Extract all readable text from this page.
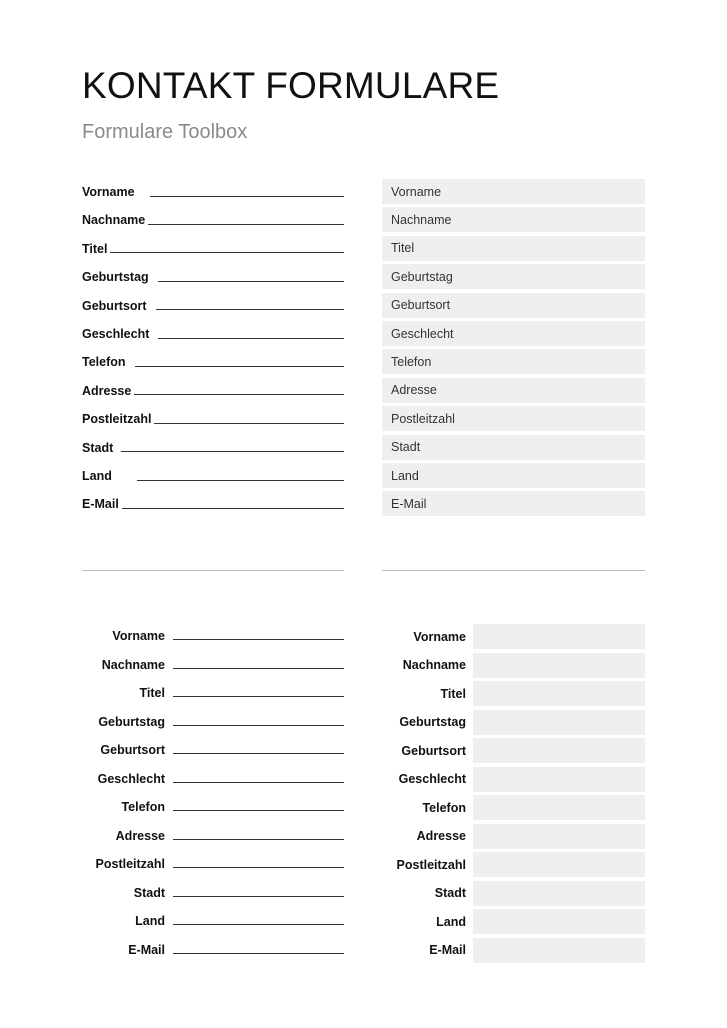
KONTAKT FORMULARE
Formulare Toolbox
Vorname
Nachname
Titel
Geburtstag
Geburtsort
Geschlecht
Telefon
Adresse
Postleitzahl
Stadt
Land
E-Mail
Vorname
Nachname
Titel
Geburtstag
Geburtsort
Geschlecht
Telefon
Adresse
Postleitzahl
Stadt
Land
E-Mail
Vorname
Nachname
Titel
Geburtstag
Geburtsort
Geschlecht
Telefon
Adresse
Postleitzahl
Stadt
Land
E-Mail
Vorname
Nachname
Titel
Geburtstag
Geburtsort
Geschlecht
Telefon
Adresse
Postleitzahl
Stadt
Land
E-Mail
